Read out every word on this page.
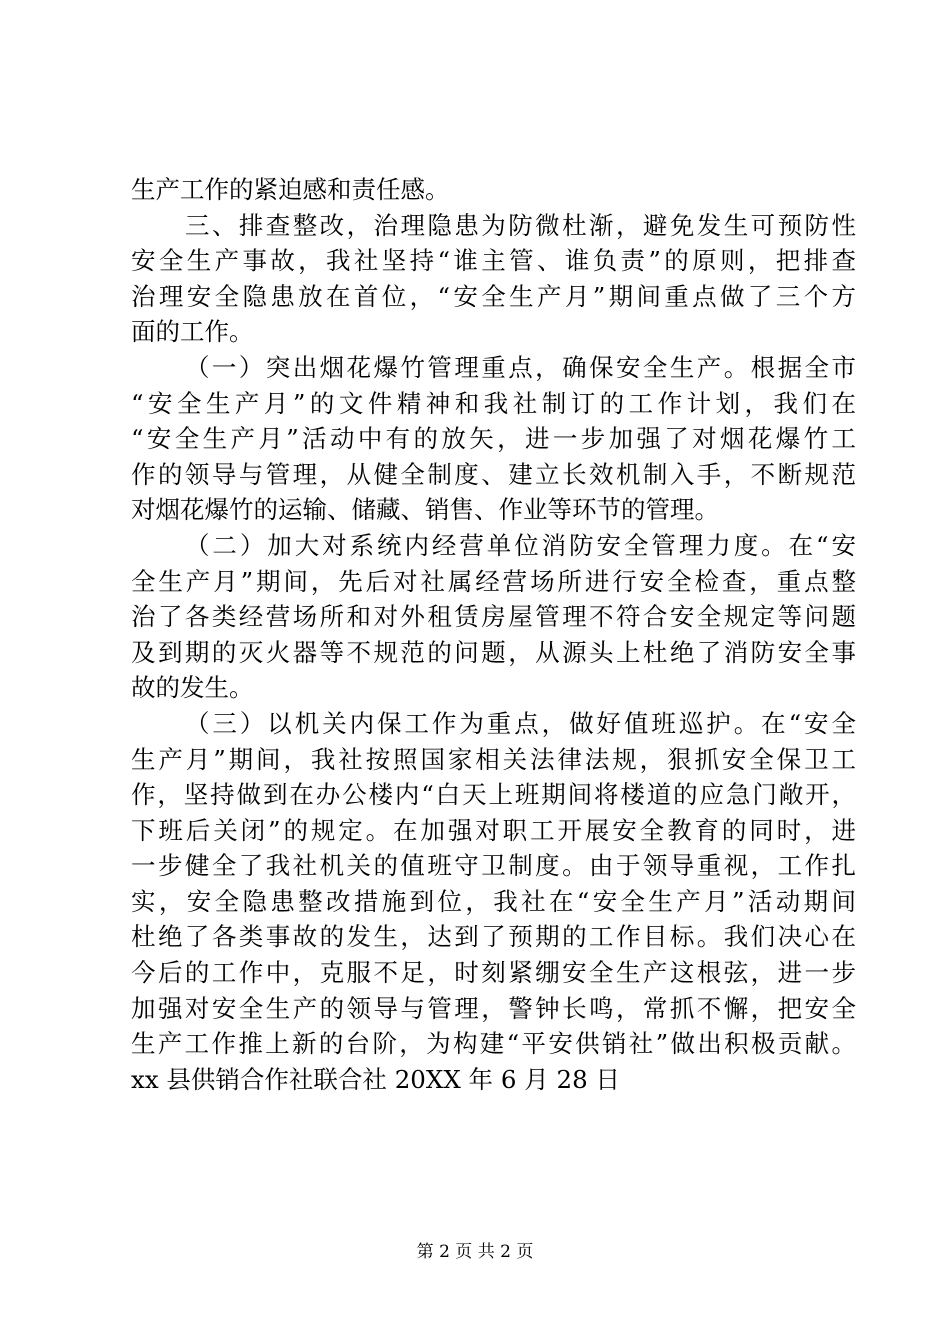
生产工作的紧迫感和责任感。
三、排查整改，治理隐患为防微杜渐，避免发生可预防性
安全生产事故，我社坚持“谁主管、谁负责”的原则，把排查
治理安全隐患放在首位，“安全生产月”期间重点做了三个方
面的工作。
（一）突出烟花爆竹管理重点，确保安全生产。根据全市
“安全生产月”的文件精神和我社制订的工作计划，我们在
“安全生产月”活动中有的放矢，进一步加强了对烟花爆竹工
作的领导与管理，从健全制度、建立长效机制入手，不断规范
对烟花爆竹的运输、储藏、销售、作业等环节的管理。
（二）加大对系统内经营单位消防安全管理力度。在“安
全生产月”期间，先后对社属经营场所进行安全检查，重点整
治了各类经营场所和对外租赁房屋管理不符合安全规定等问题
及到期的灭火器等不规范的问题，从源头上杜绝了消防安全事
故的发生。
（三）以机关内保工作为重点，做好值班巡护。在“安全
生产月”期间，我社按照国家相关法律法规，狠抓安全保卫工
作，坚持做到在办公楼内“白天上班期间将楼道的应急门敞开，
下班后关闭”的规定。在加强对职工开展安全教育的同时，进
一步健全了我社机关的值班守卫制度。由于领导重视，工作扎
实，安全隐患整改措施到位，我社在“安全生产月”活动期间
杜绝了各类事故的发生，达到了预期的工作目标。我们决心在
今后的工作中，克服不足，时刻紧绷安全生产这根弦，进一步
加强对安全生产的领导与管理，警钟长鸣，常抓不懈，把安全
生产工作推上新的台阶，为构建“平安供销社”做出积极贡献。
xx 县供销合作社联合社 20XX 年 6 月 28 日
第 2 页 共 2 页
